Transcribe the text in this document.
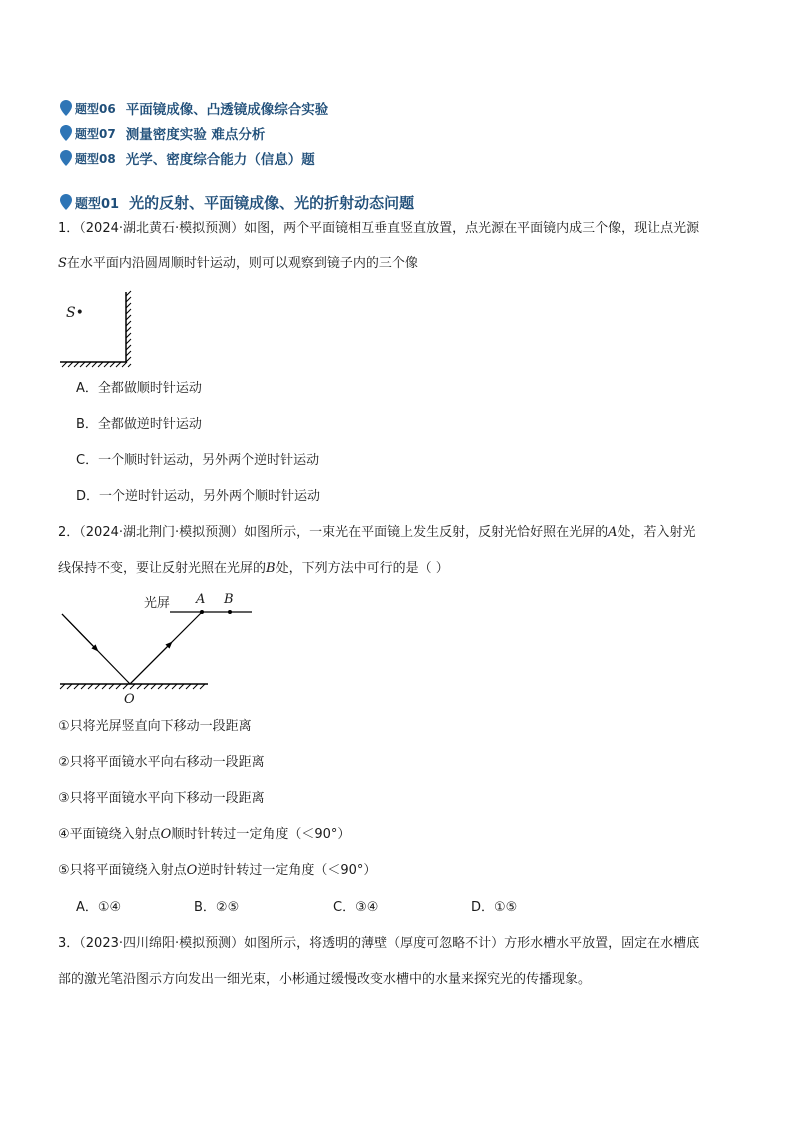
题型06 平面镜成像、凸透镜成像综合实验
题型07 测量密度实验 难点分析
题型08 光学、密度综合能力（信息）题
题型01 光的反射、平面镜成像、光的折射动态问题
1．（2024·湖北黄石·模拟预测）如图，两个平面镜相互垂直竖直放置，点光源在平面镜内成三个像，现让点光源
S在水平面内沿圆周顺时针运动，则可以观察到镜子内的三个像
S•
A．全都做顺时针运动
B．全都做逆时针运动
C．一个顺时针运动，另外两个逆时针运动
D．一个逆时针运动，另外两个顺时针运动
2．（2024·湖北荆门·模拟预测）如图所示，一束光在平面镜上发生反射，反射光恰好照在光屏的A处，若入射光
线保持不变，要让反射光照在光屏的B处，下列方法中可行的是（ ）
光屏 A B
O
①只将光屏竖直向下移动一段距离
②只将平面镜水平向右移动一段距离
③只将平面镜水平向下移动一段距离
④平面镜绕入射点O顺时针转过一定角度（＜90°）
⑤只将平面镜绕入射点O逆时针转过一定角度（＜90°）
A．①④	B．②⑤	C．③④	D．①⑤
3．（2023·四川绵阳·模拟预测）如图所示，将透明的薄壁（厚度可忽略不计）方形水槽水平放置，固定在水槽底
部的激光笔沿图示方向发出一细光束，小彬通过缓慢改变水槽中的水量来探究光的传播现象。
